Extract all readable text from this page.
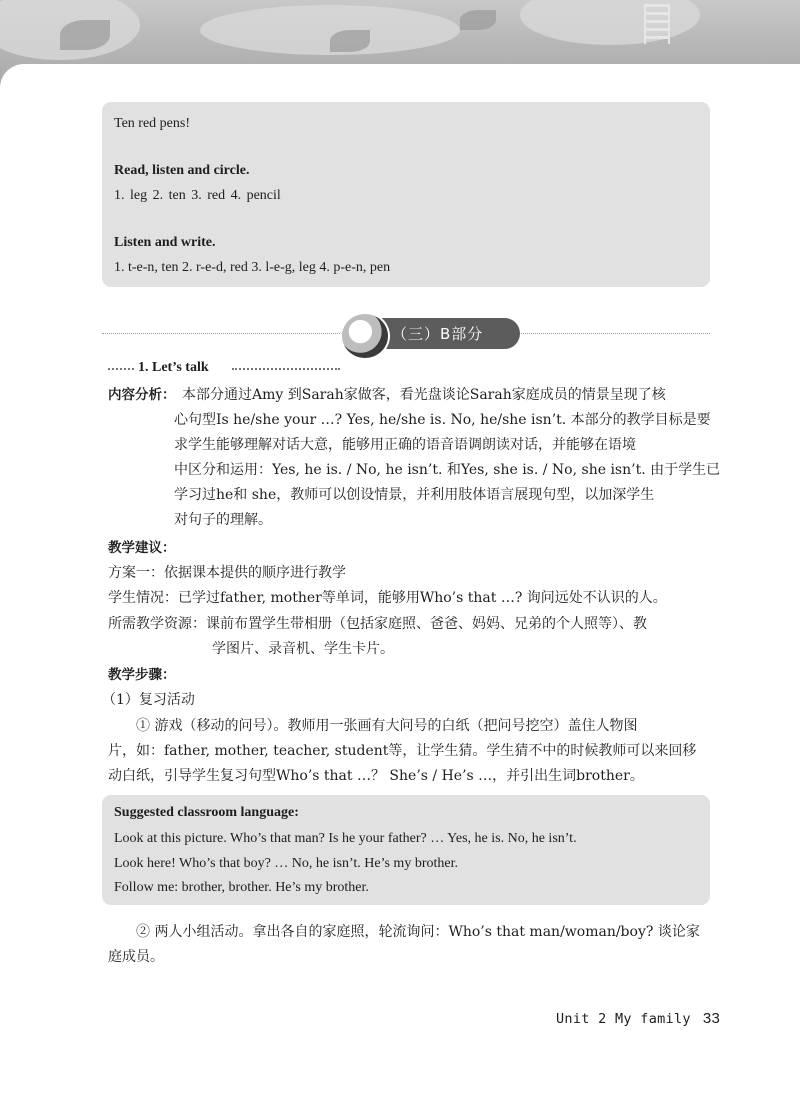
Ten red pens!
Read, listen and circle.
1. leg 2. ten 3. red 4. pencil
Listen and write.
1. t-e-n, ten 2. r-e-d, red 3. l-e-g, leg 4. p-e-n, pen
（三）B部分
1. Let’s talk
内容分析： 本部分通过Amy 到Sarah家做客，看光盘谈论Sarah家庭成员的情景呈现了核
心句型Is he/she your …? Yes, he/she is. No, he/she isn’t. 本部分的教学目标是要
求学生能够理解对话大意，能够用正确的语音语调朗读对话，并能够在语境
中区分和运用：Yes, he is. / No, he isn’t. 和Yes, she is. / No, she isn’t. 由于学生已
学习过he和 she，教师可以创设情景，并利用肢体语言展现句型，以加深学生
对句子的理解。
教学建议：
方案一：依据课本提供的顺序进行教学
学生情况：已学过father, mother等单词，能够用Who’s that …? 询问远处不认识的人。
所需教学资源：课前布置学生带相册（包括家庭照、爸爸、妈妈、兄弟的个人照等）、教
学图片、录音机、学生卡片。
教学步骤：
（1）复习活动
① 游戏（移动的问号）。教师用一张画有大问号的白纸（把问号挖空）盖住人物图
片，如：father, mother, teacher, student等，让学生猜。学生猜不中的时候教师可以来回移
动白纸，引导学生复习句型Who’s that …？ She’s / He’s …，并引出生词brother。
Suggested classroom language:
Look at this picture. Who’s that man? Is he your father? … Yes, he is. No, he isn’t.
Look here! Who’s that boy? … No, he isn’t. He’s my brother.
Follow me: brother, brother. He’s my brother.
② 两人小组活动。拿出各自的家庭照，轮流询问：Who’s that man/woman/boy? 谈论家
庭成员。
Unit 2 My family 33
